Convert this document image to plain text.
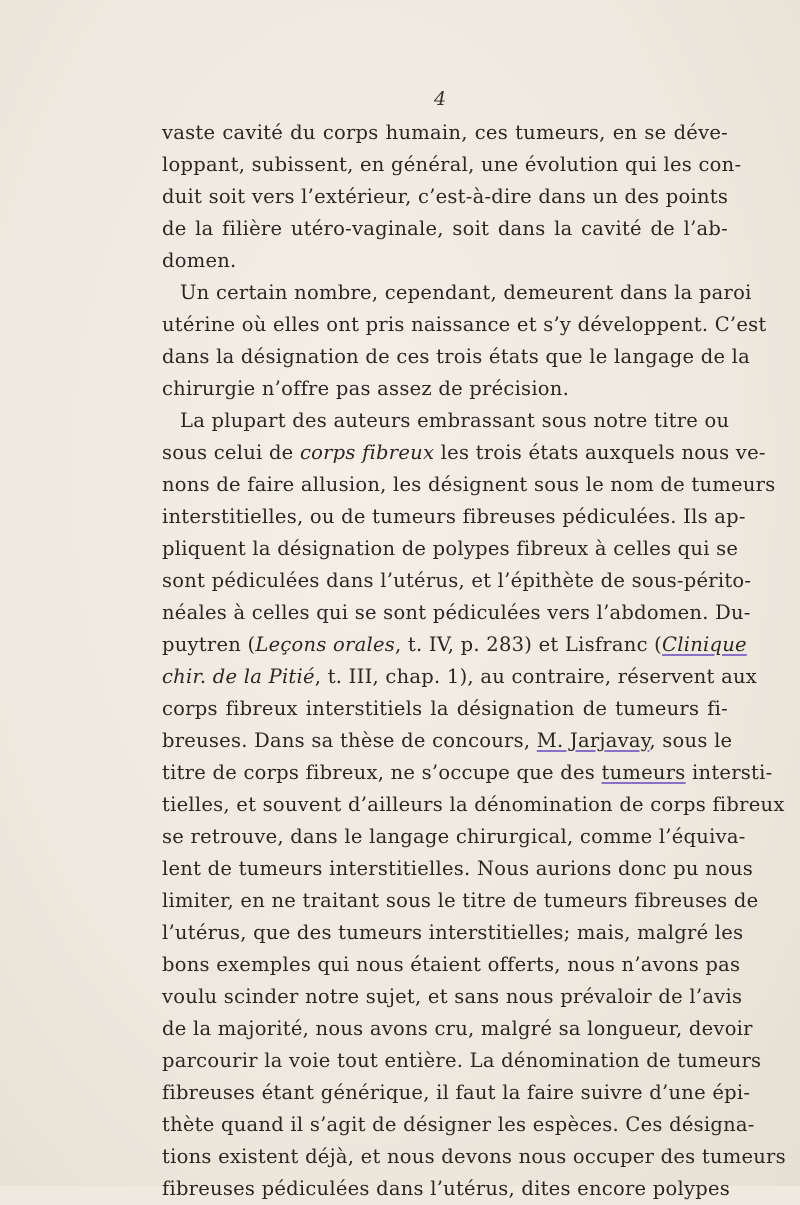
4
vaste cavité du corps humain, ces tumeurs, en se déve-
loppant, subissent, en général, une évolution qui les con-
duit soit vers l’extérieur, c’est-à-dire dans un des points
de la filière utéro-vaginale, soit dans la cavité de l’ab-
domen.
Un certain nombre, cependant, demeurent dans la paroi
utérine où elles ont pris naissance et s’y développent. C’est
dans la désignation de ces trois états que le langage de la
chirurgie n’offre pas assez de précision.
La plupart des auteurs embrassant sous notre titre ou
sous celui de corps fibreux les trois états auxquels nous ve-
nons de faire allusion, les désignent sous le nom de tumeurs
interstitielles, ou de tumeurs fibreuses pédiculées. Ils ap-
pliquent la désignation de polypes fibreux à celles qui se
sont pédiculées dans l’utérus, et l’épithète de sous-périto-
néales à celles qui se sont pédiculées vers l’abdomen. Du-
puytren (Leçons orales, t. IV, p. 283) et Lisfranc (Clinique
chir. de la Pitié, t. III, chap. 1), au contraire, réservent aux
corps fibreux interstitiels la désignation de tumeurs fi-
breuses. Dans sa thèse de concours, M. Jarjavay, sous le
titre de corps fibreux, ne s’occupe que des tumeurs intersti-
tielles, et souvent d’ailleurs la dénomination de corps fibreux
se retrouve, dans le langage chirurgical, comme l’équiva-
lent de tumeurs interstitielles. Nous aurions donc pu nous
limiter, en ne traitant sous le titre de tumeurs fibreuses de
l’utérus, que des tumeurs interstitielles; mais, malgré les
bons exemples qui nous étaient offerts, nous n’avons pas
voulu scinder notre sujet, et sans nous prévaloir de l’avis
de la majorité, nous avons cru, malgré sa longueur, devoir
parcourir la voie tout entière. La dénomination de tumeurs
fibreuses étant générique, il faut la faire suivre d’une épi-
thète quand il s’agit de désigner les espèces. Ces désigna-
tions existent déjà, et nous devons nous occuper des tumeurs
fibreuses pédiculées dans l’utérus, dites encore polypes
